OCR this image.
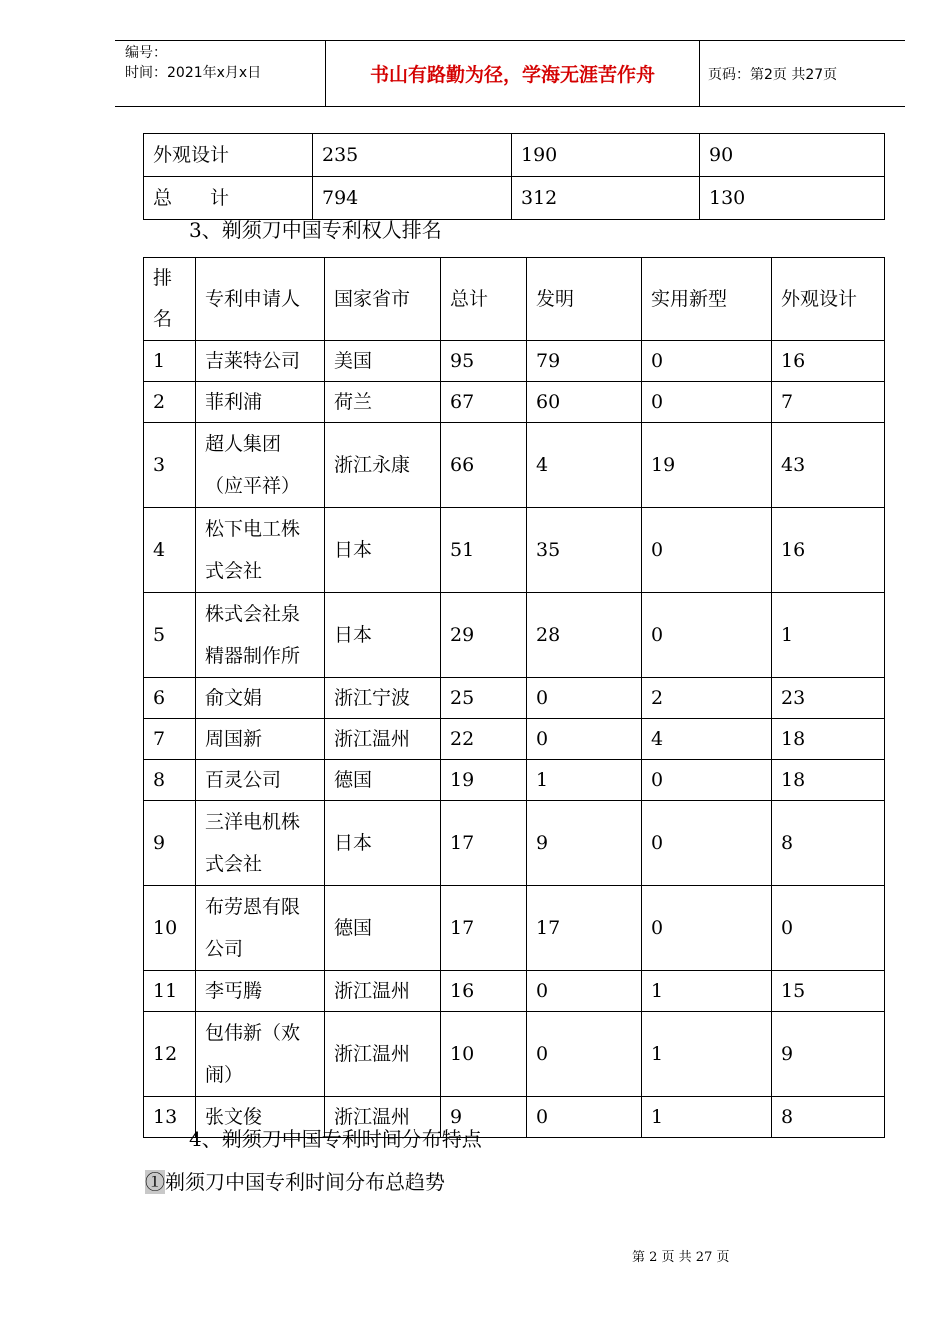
编号：
时间：2021年x月x日	书山有路勤为径，学海无涯苦作舟	页码：第2页 共27页
外观设计	235	190	90
总　　计	794	312	130
3、剃须刀中国专利权人排名
排名	专利申请人	国家省市	总计	发明	实用新型	外观设计
1	吉莱特公司	美国	95	79	0	16
2	菲利浦	荷兰	67	60	0	7
3	超人集团（应平祥）	浙江永康	66	4	19	43
4	松下电工株式会社	日本	51	35	0	16
5	株式会社泉精器制作所	日本	29	28	0	1
6	俞文娟	浙江宁波	25	0	2	23
7	周国新	浙江温州	22	0	4	18
8	百灵公司	德国	19	1	0	18
9	三洋电机株式会社	日本	17	9	0	8
10	布劳恩有限公司	德国	17	17	0	0
11	李丐腾	浙江温州	16	0	1	15
12	包伟新（欢闹）	浙江温州	10	0	1	9
13	张文俊	浙江温州	9	0	1	8
4、剃须刀中国专利时间分布特点
①剃须刀中国专利时间分布总趋势
第 2 页 共 27 页
